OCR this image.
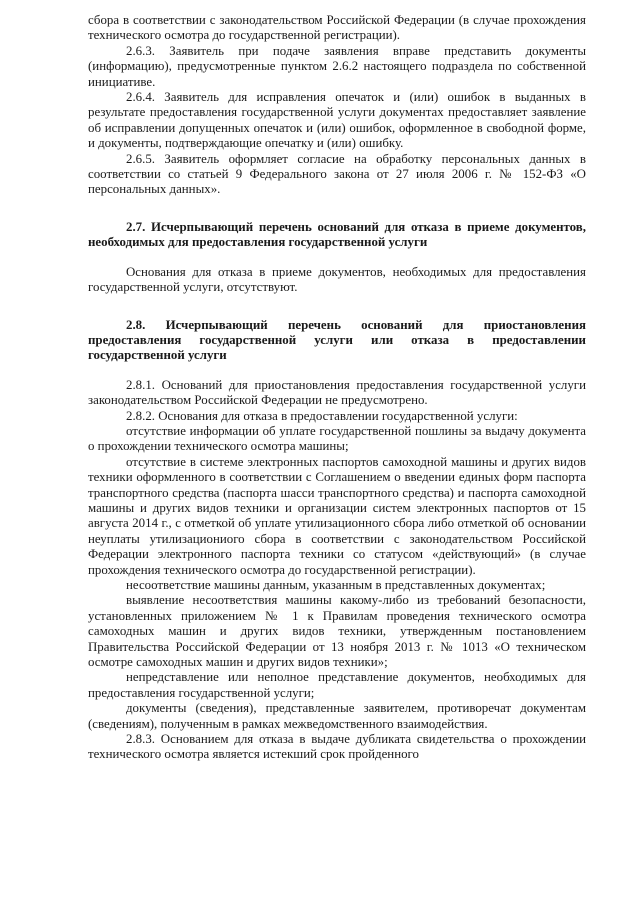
сбора в соответствии с законодательством Российской Федерации (в случае прохождения технического осмотра до государственной регистрации).

2.6.3. Заявитель при подаче заявления вправе представить документы (информацию), предусмотренные пунктом 2.6.2 настоящего подраздела по собственной инициативе.

2.6.4. Заявитель для исправления опечаток и (или) ошибок в выданных в результате предоставления государственной услуги документах предоставляет заявление об исправлении допущенных опечаток и (или) ошибок, оформленное в свободной форме, и документы, подтверждающие опечатку и (или) ошибку.

2.6.5. Заявитель оформляет согласие на обработку персональных данных в соответствии со статьей 9 Федерального закона от 27 июля 2006 г. № 152-ФЗ «О персональных данных».

2.7. Исчерпывающий перечень оснований для отказа в приеме документов, необходимых для предоставления государственной услуги

Основания для отказа в приеме документов, необходимых для предоставления государственной услуги, отсутствуют.

2.8. Исчерпывающий перечень оснований для приостановления предоставления государственной услуги или отказа в предоставлении государственной услуги

2.8.1. Оснований для приостановления предоставления государственной услуги законодательством Российской Федерации не предусмотрено.

2.8.2. Основания для отказа в предоставлении государственной услуги:

отсутствие информации об уплате государственной пошлины за выдачу документа о прохождении технического осмотра машины;

отсутствие в системе электронных паспортов самоходной машины и других видов техники оформленного в соответствии с Соглашением о введении единых форм паспорта транспортного средства (паспорта шасси транспортного средства) и паспорта самоходной машины и других видов техники и организации систем электронных паспортов от 15 августа 2014 г., с отметкой об уплате утилизационного сбора либо отметкой об основании неуплаты утилизациониого сбора в соответствии с законодательством Российской Федерации электронного паспорта техники со статусом «действующий» (в случае прохождения технического осмотра до государственной регистрации).

несоответствие машины данным, указанным в представленных документах;

выявление несоответствия машины какому-либо из требований безопасности, установленных приложением № 1 к Правилам проведения технического осмотра самоходных машин и других видов техники, утвержденным постановлением Правительства Российской Федерации от 13 ноября 2013 г. № 1013 «О техническом осмотре самоходных машин и других видов техники»;

непредставление или неполное представление документов, необходимых для предоставления государственной услуги;

документы (сведения), представленные заявителем, противоречат документам (сведениям), полученным в рамках межведомственного взаимодействия.

2.8.3. Основанием для отказа в выдаче дубликата свидетельства о прохождении технического осмотра является истекший срок пройденного
